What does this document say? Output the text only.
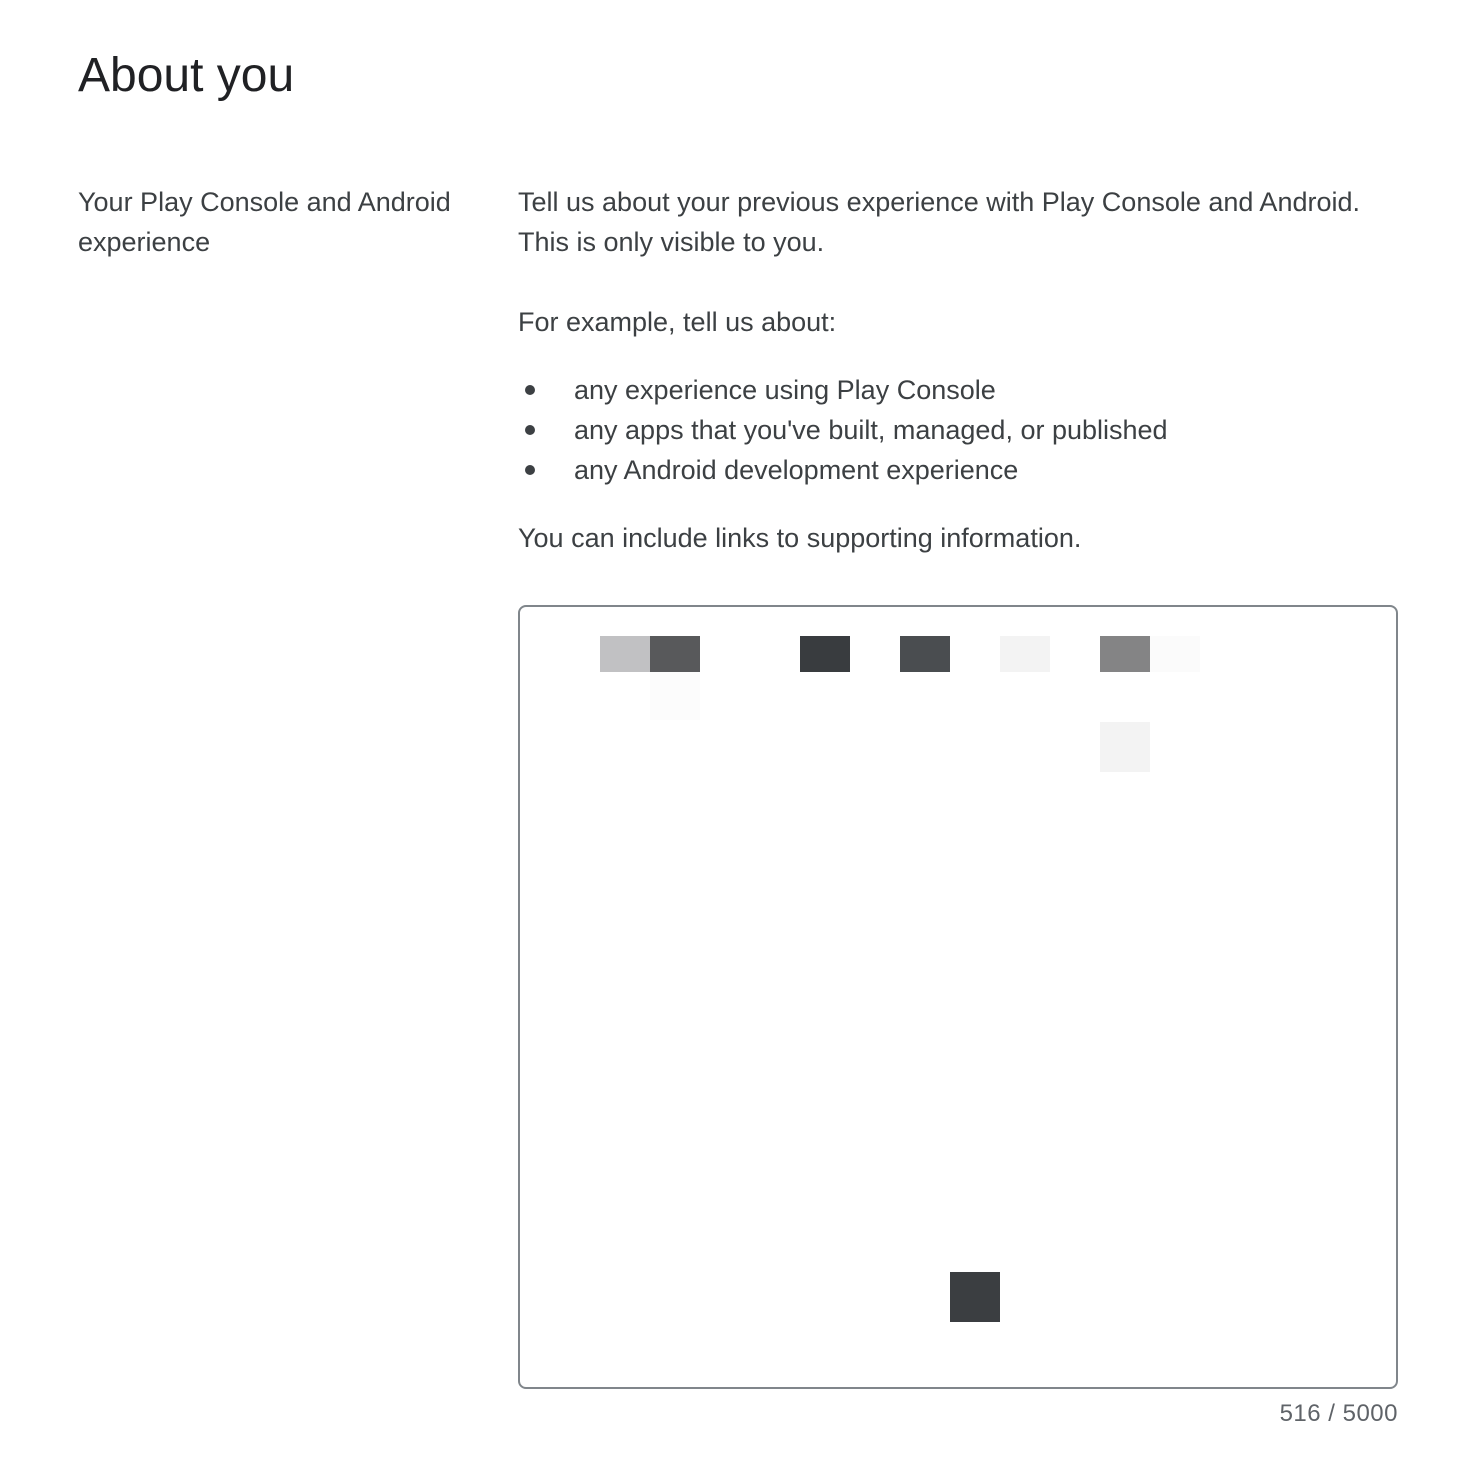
About you
Your Play Console and Android experience

Tell us about your previous experience with Play Console and Android. This is only visible to you.

For example, tell us about:

any experience using Play Console
any apps that you've built, managed, or published
any Android development experience

You can include links to supporting information.

516 / 5000
